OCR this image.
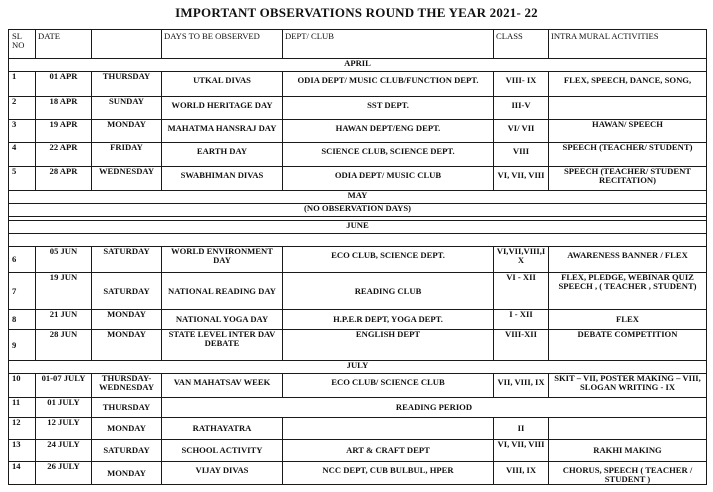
IMPORTANT OBSERVATIONS ROUND THE YEAR 2021- 22
SL
NO	DATE		DAYS TO BE OBSERVED	DEPT/ CLUB	CLASS	INTRA MURAL ACTIVITIES
APRIL						
1	01 APR	THURSDAY	UTKAL DIVAS	ODIA DEPT/ MUSIC CLUB/FUNCTION DEPT.	VIII- IX	FLEX, SPEECH, DANCE, SONG,
2	18 APR	SUNDAY	WORLD HERITAGE DAY	SST DEPT.	III-V	
3	19 APR	MONDAY	MAHATMA HANSRAJ DAY	HAWAN DEPT/ENG DEPT.	VI/ VII	HAWAN/ SPEECH
4	22 APR	FRIDAY	EARTH DAY	SCIENCE CLUB, SCIENCE DEPT.	VIII	SPEECH (TEACHER/ STUDENT)
5	28 APR	WEDNESDAY	SWABHIMAN DIVAS	ODIA DEPT/ MUSIC CLUB	VI, VII, VIII	SPEECH (TEACHER/ STUDENT RECITATION)
MAY						
(NO OBSERVATION DAYS)						

JUNE						

6	05 JUN	SATURDAY	WORLD ENVIRONMENT DAY	ECO CLUB, SCIENCE DEPT.	VI,VII,VIII,I X	AWARENESS BANNER / FLEX
7	19 JUN	SATURDAY	NATIONAL READING DAY	READING CLUB	VI - XII	FLEX, PLEDGE, WEBINAR QUIZ SPEECH , ( TEACHER , STUDENT)
8	21 JUN	MONDAY	NATIONAL YOGA DAY	H.P.E.R DEPT, YOGA DEPT.	I - XII	FLEX
9	28 JUN	MONDAY	STATE LEVEL INTER DAV DEBATE	ENGLISH DEPT	VIII-XII	DEBATE COMPETITION
JULY						
10	01-07 JULY	THURSDAY- WEDNESDAY	VAN MAHATSAV WEEK	ECO CLUB/ SCIENCE CLUB	VII, VIII, IX	SKIT – VII, POSTER MAKING – VIII, SLOGAN WRITING - IX
11	01 JULY	THURSDAY	READING PERIOD			
12	12 JULY	MONDAY	RATHAYATRA		II	
13	24 JULY	SATURDAY	SCHOOL ACTIVITY	ART & CRAFT DEPT	VI, VII, VIII	RAKHI MAKING
14	26 JULY	MONDAY	VIJAY DIVAS	NCC DEPT, CUB BULBUL, HPER	VIII, IX	CHORUS, SPEECH ( TEACHER / STUDENT )
